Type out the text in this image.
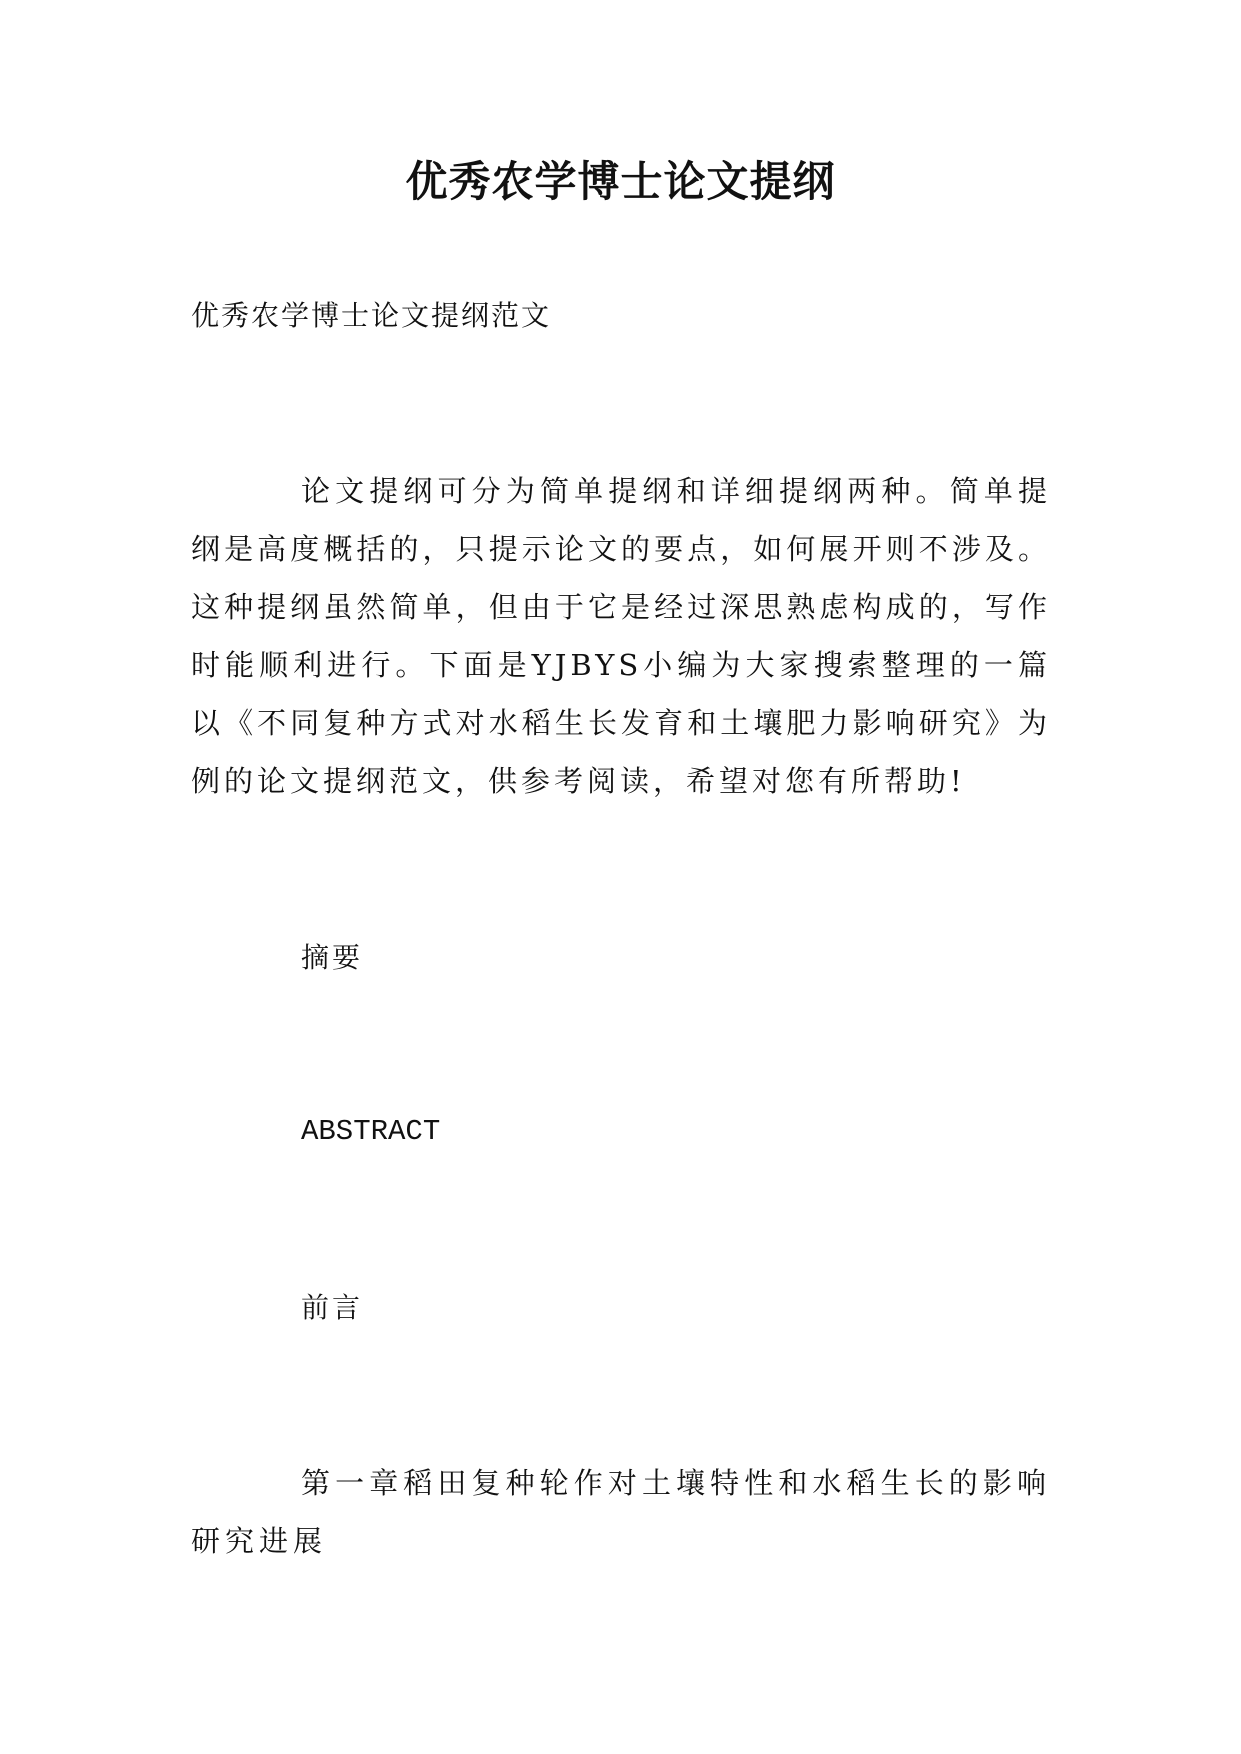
优秀农学博士论文提纲
优秀农学博士论文提纲范文
论文提纲可分为简单提纲和详细提纲两种。简单提纲是高度概括的，只提示论文的要点，如何展开则不涉及。这种提纲虽然简单，但由于它是经过深思熟虑构成的，写作时能顺利进行。下面是YJBYS小编为大家搜索整理的一篇以《不同复种方式对水稻生长发育和土壤肥力影响研究》为例的论文提纲范文，供参考阅读，希望对您有所帮助!
摘要
ABSTRACT
前言
第一章稻田复种轮作对土壤特性和水稻生长的影响研究进展
